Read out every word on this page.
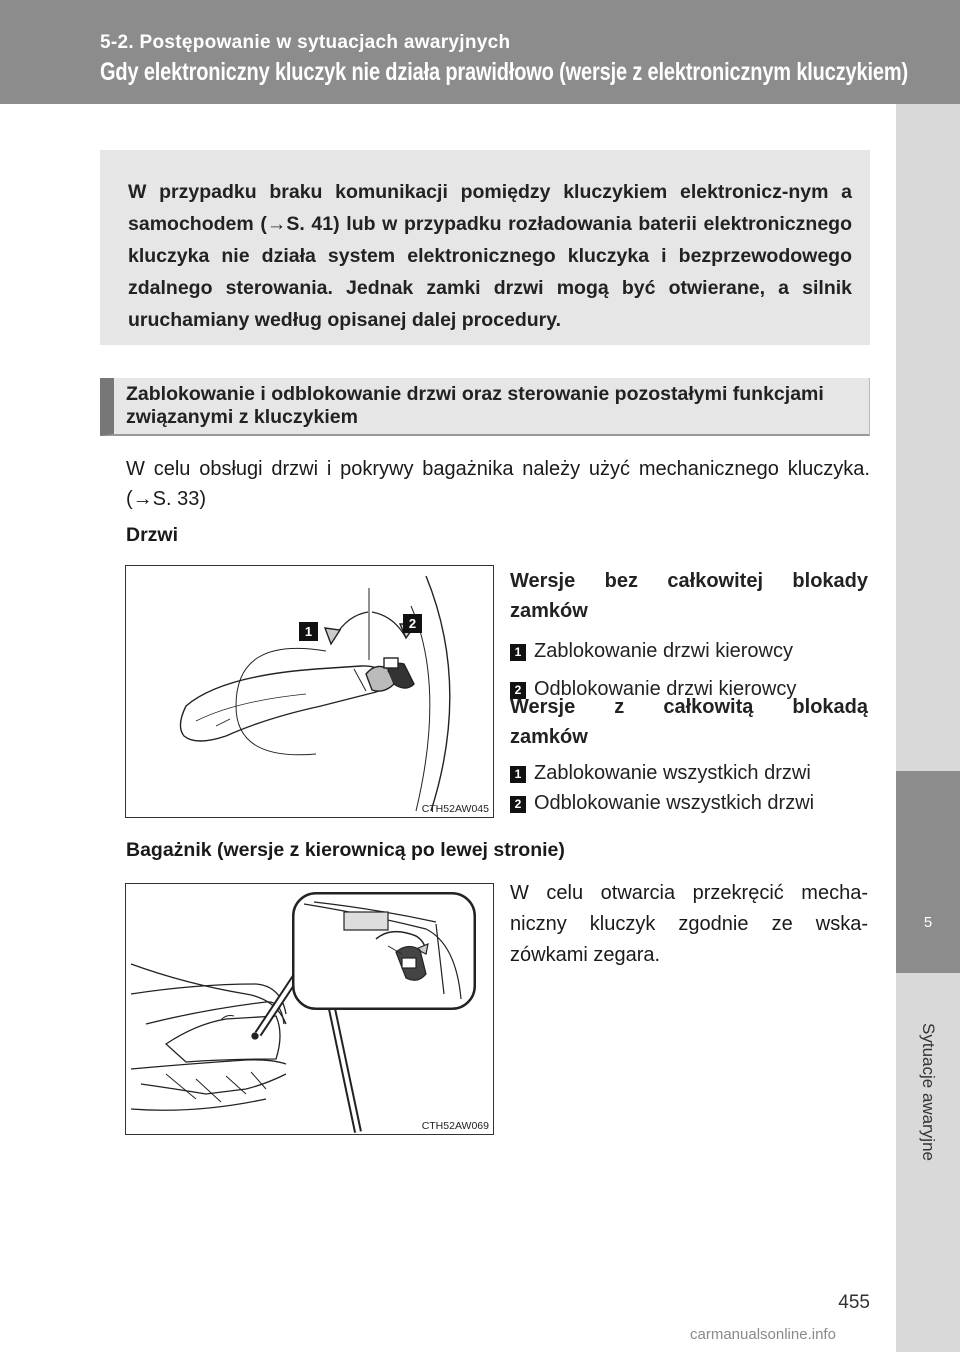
5-2. Postępowanie w sytuacjach awaryjnych
Gdy elektroniczny kluczyk nie działa prawidłowo (wersje z elektronicznym kluczykiem)
5
Sytuacje awaryjne
W przypadku braku komunikacji pomiędzy kluczykiem elektronicz-nym a samochodem (→S. 41) lub w przypadku rozładowania baterii elektronicznego kluczyka nie działa system elektronicznego kluczyka i bezprzewodowego zdalnego sterowania. Jednak zamki drzwi mogą być otwierane, a silnik uruchamiany według opisanej dalej procedury.
Zablokowanie i odblokowanie drzwi oraz sterowanie pozostałymi funkcjami związanymi z kluczykiem
W celu obsługi drzwi i pokrywy bagażnika należy użyć mechanicznego kluczyka. (→S. 33)
Drzwi
1
2
CTH52AW045
Wersje bez całkowitej blokady
zamków
1 Zablokowanie drzwi kierowcy
2 Odblokowanie drzwi kierowcy
Wersje z całkowitą blokadą
zamków
1 Zablokowanie wszystkich drzwi
2 Odblokowanie wszystkich drzwi
Bagażnik (wersje z kierownicą po lewej stronie)
CTH52AW069
W celu otwarcia przekręcić mecha-niczny kluczyk zgodnie ze wska-zówkami zegara.
455
carmanualsonline.info
